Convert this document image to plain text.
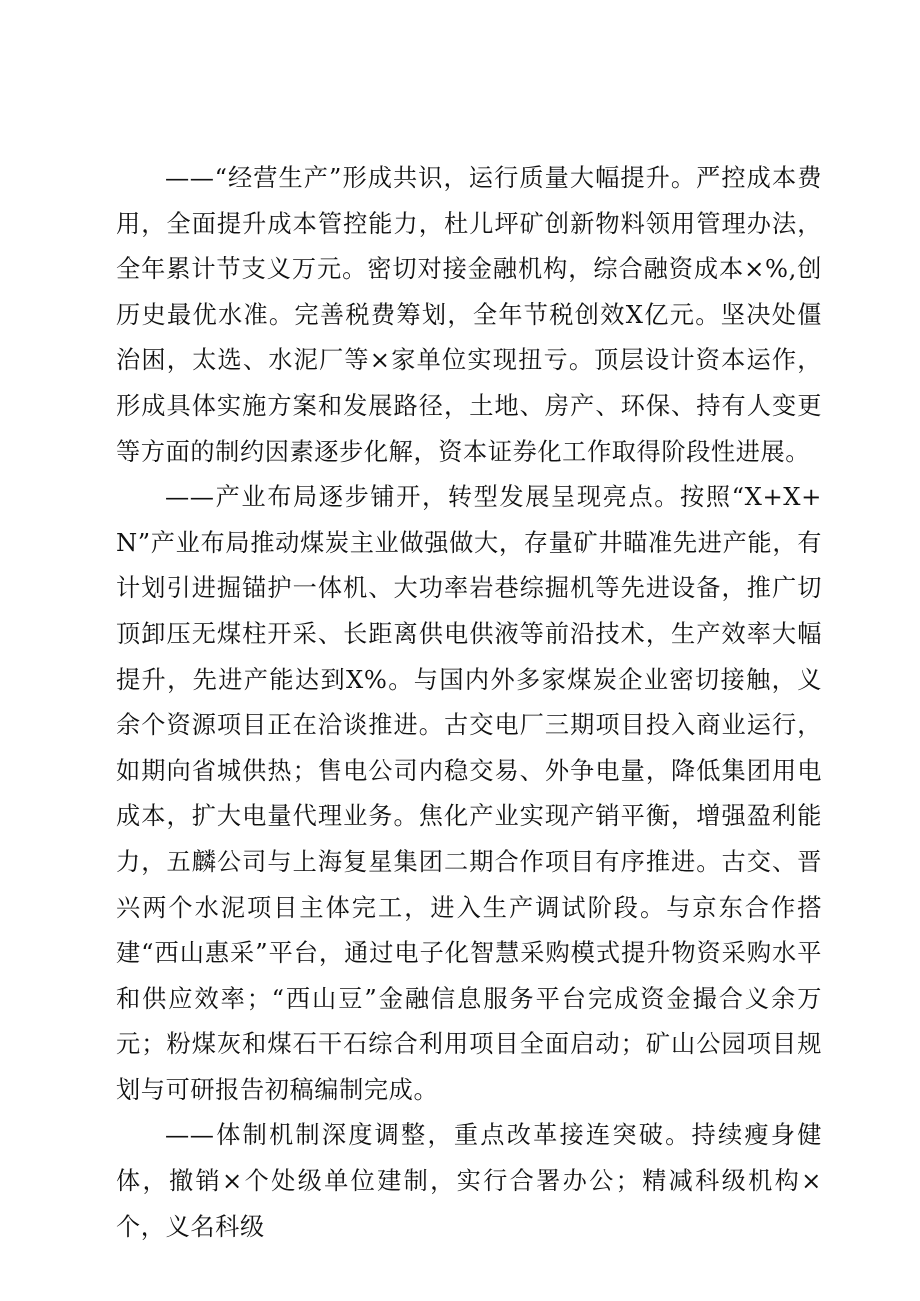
——“经营生产”形成共识，运行质量大幅提升。严控成本费用，全面提升成本管控能力，杜儿坪矿创新物料领用管理办法，全年累计节支义万元。密切对接金融机构，综合融资成本×%,创历史最优水准。完善税费筹划，全年节税创效X亿元。坚决处僵治困，太选、水泥厂等×家单位实现扭亏。顶层设计资本运作，形成具体实施方案和发展路径，土地、房产、环保、持有人变更等方面的制约因素逐步化解，资本证券化工作取得阶段性进展。

——产业布局逐步铺开，转型发展呈现亮点。按照“X+X+N”产业布局推动煤炭主业做强做大，存量矿井瞄准先进产能，有计划引进掘锚护一体机、大功率岩巷综掘机等先进设备，推广切顶卸压无煤柱开采、长距离供电供液等前沿技术，生产效率大幅提升，先进产能达到X%。与国内外多家煤炭企业密切接触，义余个资源项目正在洽谈推进。古交电厂三期项目投入商业运行，如期向省城供热；售电公司内稳交易、外争电量，降低集团用电成本，扩大电量代理业务。焦化产业实现产销平衡，增强盈利能力，五麟公司与上海复星集团二期合作项目有序推进。古交、晋兴两个水泥项目主体完工，进入生产调试阶段。与京东合作搭建“西山惠采”平台，通过电子化智慧采购模式提升物资采购水平和供应效率；“西山豆”金融信息服务平台完成资金撮合义余万元；粉煤灰和煤石干石综合利用项目全面启动；矿山公园项目规划与可研报告初稿编制完成。

——体制机制深度调整，重点改革接连突破。持续瘦身健体，撤销×个处级单位建制，实行合署办公；精减科级机构×个，义名科级
